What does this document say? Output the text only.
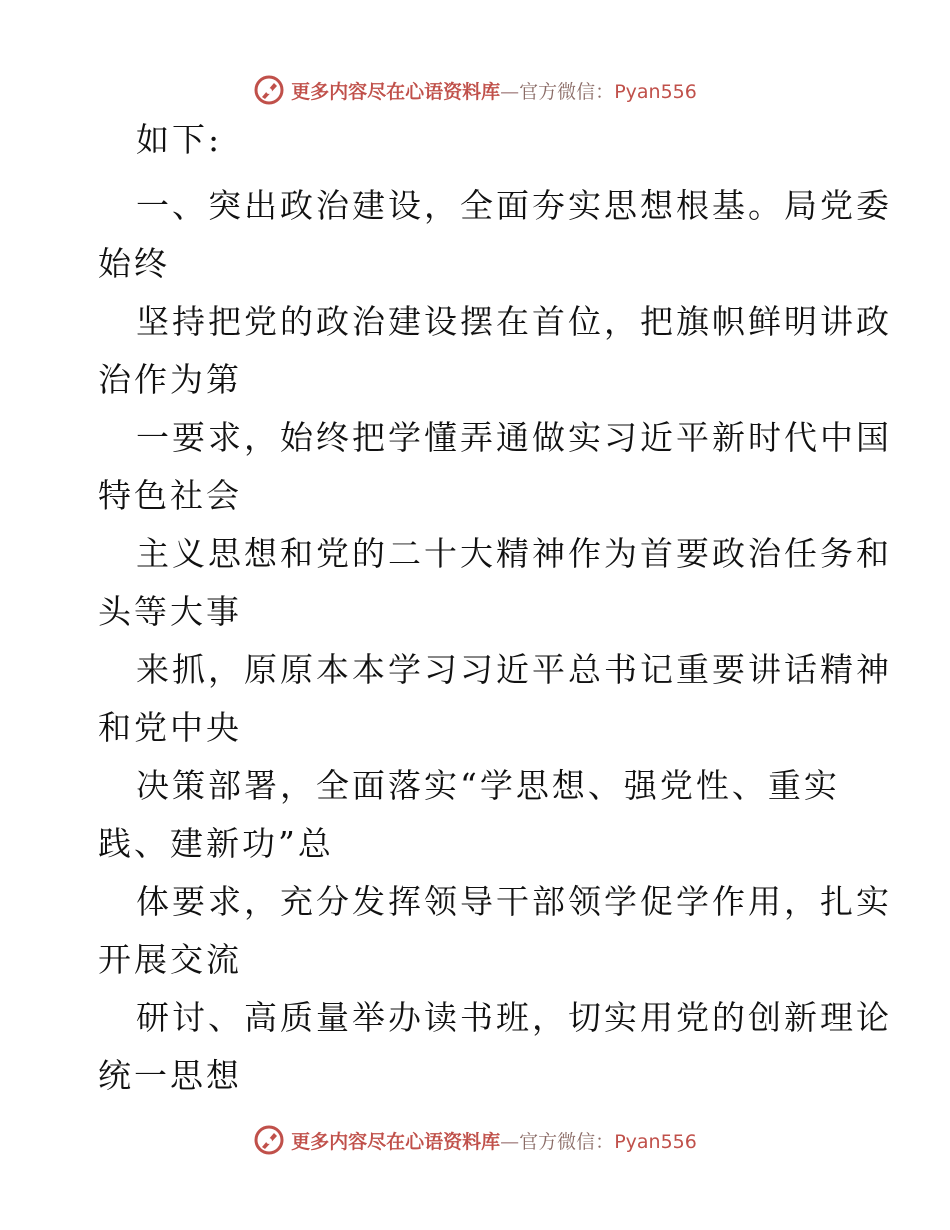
更多内容尽在心语资料库—官方微信：Pyan556
如下:
一、突出政治建设，全面夯实思想根基。局党委
始终
坚持把党的政治建设摆在首位，把旗帜鲜明讲政
治作为第
一要求，始终把学懂弄通做实习近平新时代中国
特色社会
主义思想和党的二十大精神作为首要政治任务和
头等大事
来抓，原原本本学习习近平总书记重要讲话精神
和党中央
决策部署，全面落实“学思想、强党性、重实
践、建新功”总
体要求，充分发挥领导干部领学促学作用，扎实
开展交流
研讨、高质量举办读书班，切实用党的创新理论
统一思想
更多内容尽在心语资料库—官方微信：Pyan556
